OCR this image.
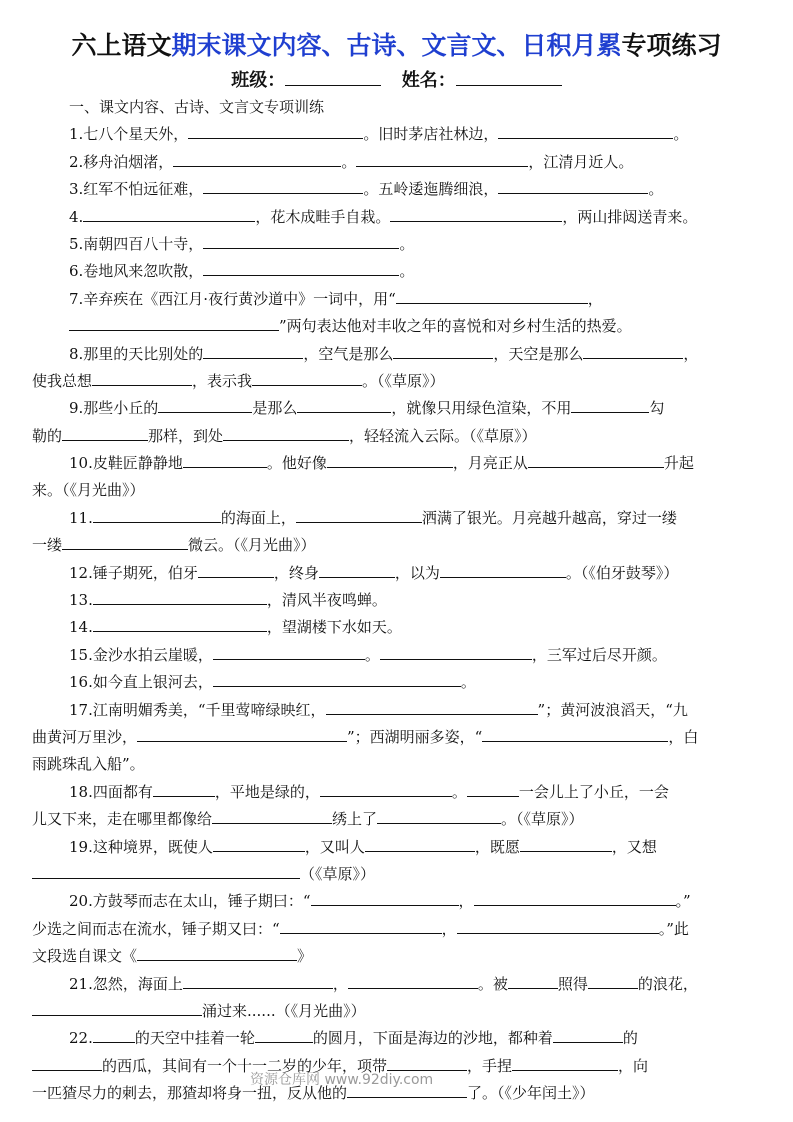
六上语文期末课文内容、古诗、文言文、日积月累专项练习
班级：	姓名：
一、课文内容、古诗、文言文专项训练
1.七八个星天外，	。旧时茅店社林边，	。
2.移舟泊烟渚，	。	，江清月近人。
3.红军不怕远征难，	。五岭逶迤腾细浪，	。
4.	，花木成畦手自栽。	，两山排闼送青来。
5.南朝四百八十寺，	。
6.卷地风来忽吹散，	。
7.辛弃疾在《西江月·夜行黄沙道中》一词中，用“	，
”两句表达他对丰收之年的喜悦和对乡村生活的热爱。
8.那里的天比别处的	，空气是那么	，天空是那么	，
使我总想	，表示我	。（《草原》）
9.那些小丘的	是那么	，就像只用绿色渲染，不用	勾
勒的	那样，到处	，轻轻流入云际。（《草原》）
10.皮鞋匠静静地	。他好像	，月亮正从	升起
来。（《月光曲》）
11.	的海面上，	洒满了银光。月亮越升越高，穿过一缕
一缕	微云。（《月光曲》）
12.锤子期死，伯牙	，终身	，以为	。（《伯牙鼓琴》）
13.	，清风半夜鸣蝉。
14.	，望湖楼下水如天。
15.金沙水拍云崖暖，	。	，三军过后尽开颜。
16.如今直上银河去，	。
17.江南明媚秀美，“千里莺啼绿映红，	”；黄河波浪滔天，“九
曲黄河万里沙，	”；西湖明丽多姿，“	，白
雨跳珠乱入船”。
18.四面都有	，平地是绿的，	。	一会儿上了小丘，一会
儿又下来，走在哪里都像给	绣上了	。（《草原》）
19.这种境界，既使人	，又叫人	，既愿	，又想
（《草原》）
20.方鼓琴而志在太山，锤子期曰：“	，	。”
少选之间而志在流水，锤子期又曰：“	，	。”此
文段选自课文《	》
21.忽然，海面上	，	。被	照得	的浪花，
涌过来......（《月光曲》）
22.	的天空中挂着一轮	的圆月，下面是海边的沙地，都种着	的
的西瓜，其间有一个十一二岁的少年，项带	，手捏	，向
一匹猹尽力的刺去，那猹却将身一扭，反从他的	了。（《少年闰土》）
资源仓库网 www.92diy.com
